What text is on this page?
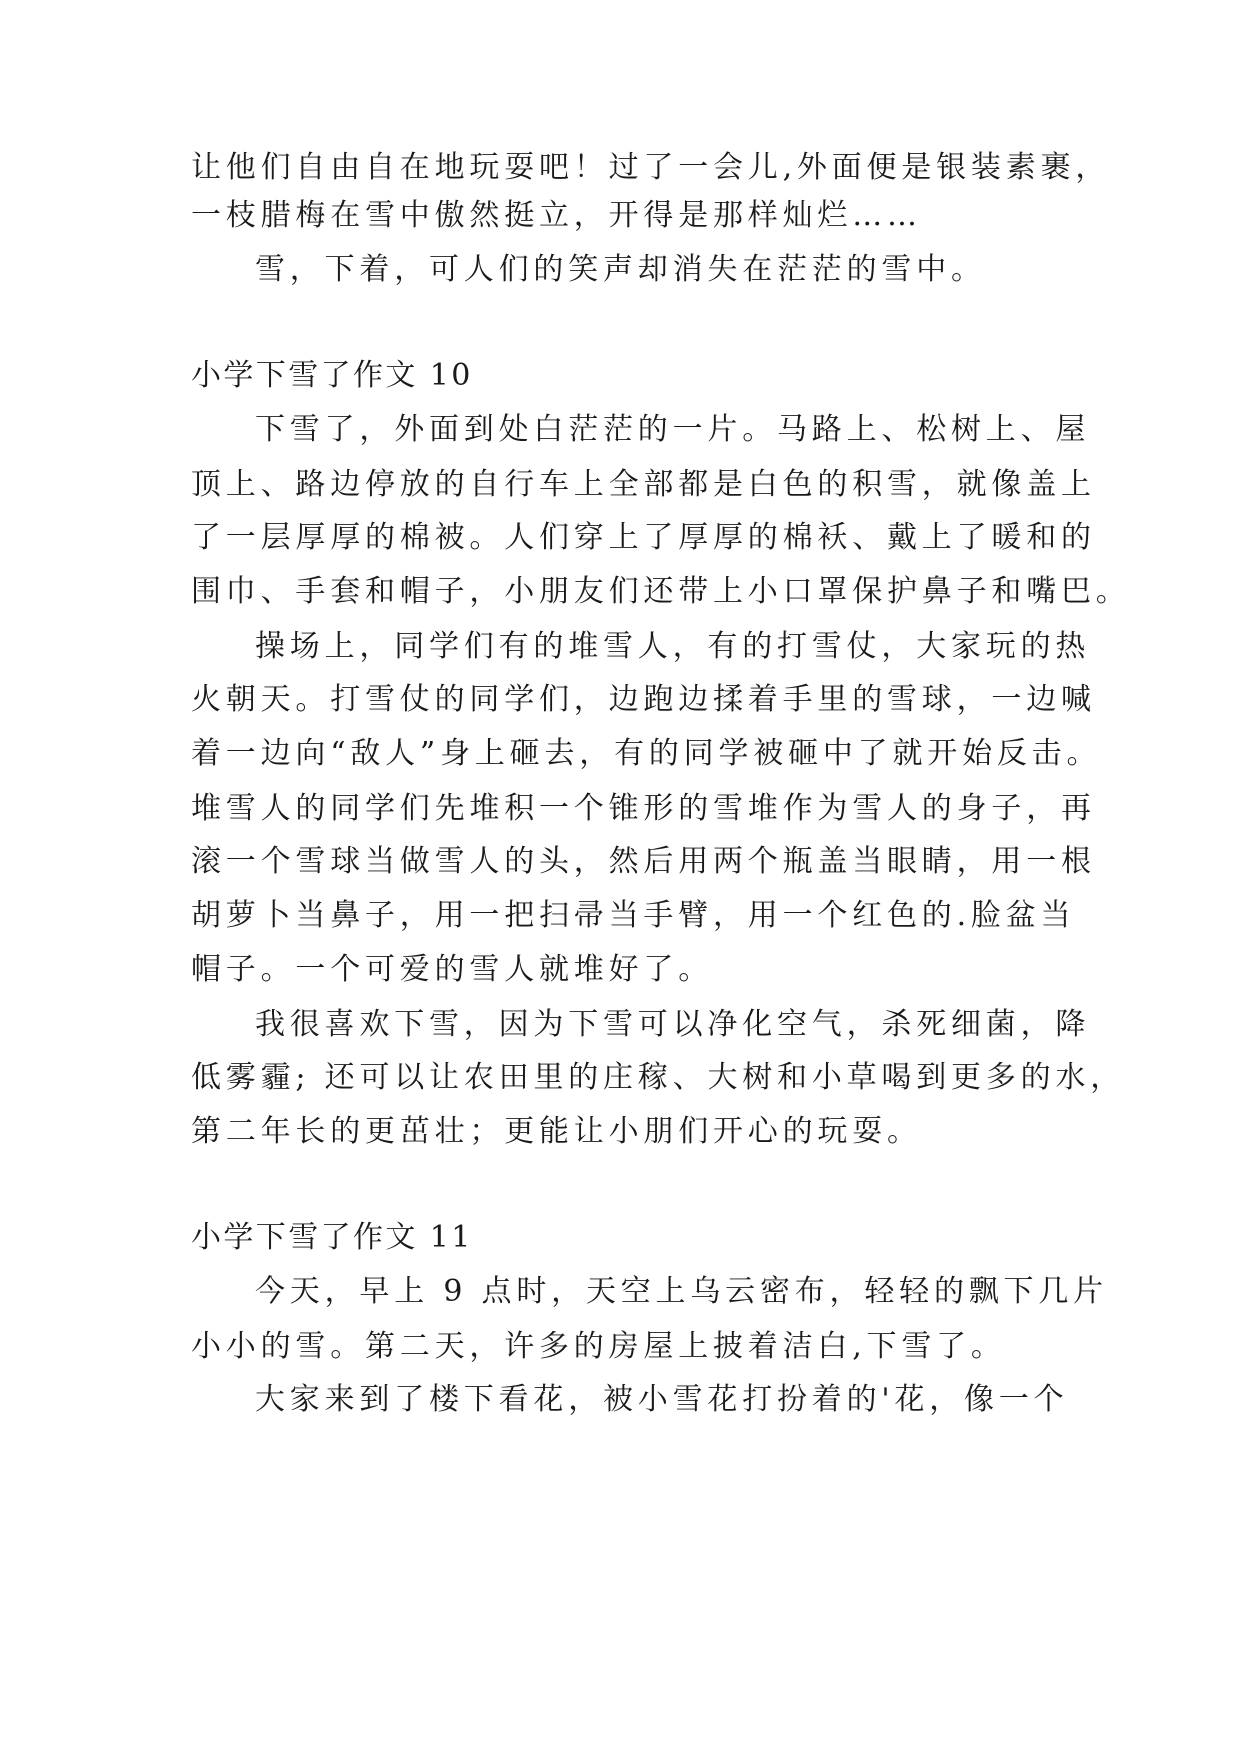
让他们自由自在地玩耍吧！过了一会儿,外面便是银装素裹，
一枝腊梅在雪中傲然挺立，开得是那样灿烂……
雪，下着，可人们的笑声却消失在茫茫的雪中。
小学下雪了作文 10
下雪了，外面到处白茫茫的一片。马路上、松树上、屋
顶上、路边停放的自行车上全部都是白色的积雪，就像盖上
了一层厚厚的棉被。人们穿上了厚厚的棉袄、戴上了暖和的
围巾、手套和帽子，小朋友们还带上小口罩保护鼻子和嘴巴。
操场上，同学们有的堆雪人，有的打雪仗，大家玩的热
火朝天。打雪仗的同学们，边跑边揉着手里的雪球，一边喊
着一边向“敌人”身上砸去，有的同学被砸中了就开始反击。
堆雪人的同学们先堆积一个锥形的雪堆作为雪人的身子，再
滚一个雪球当做雪人的头，然后用两个瓶盖当眼睛，用一根
胡萝卜当鼻子，用一把扫帚当手臂，用一个红色的.脸盆当
帽子。一个可爱的雪人就堆好了。
我很喜欢下雪，因为下雪可以净化空气，杀死细菌，降
低雾霾; 还可以让农田里的庄稼、大树和小草喝到更多的水，
第二年长的更茁壮；更能让小朋们开心的玩耍。
小学下雪了作文 11
今天，早上 9 点时，天空上乌云密布，轻轻的飘下几片
小小的雪。第二天，许多的房屋上披着洁白,下雪了。
大家来到了楼下看花，被小雪花打扮着的'花，像一个
